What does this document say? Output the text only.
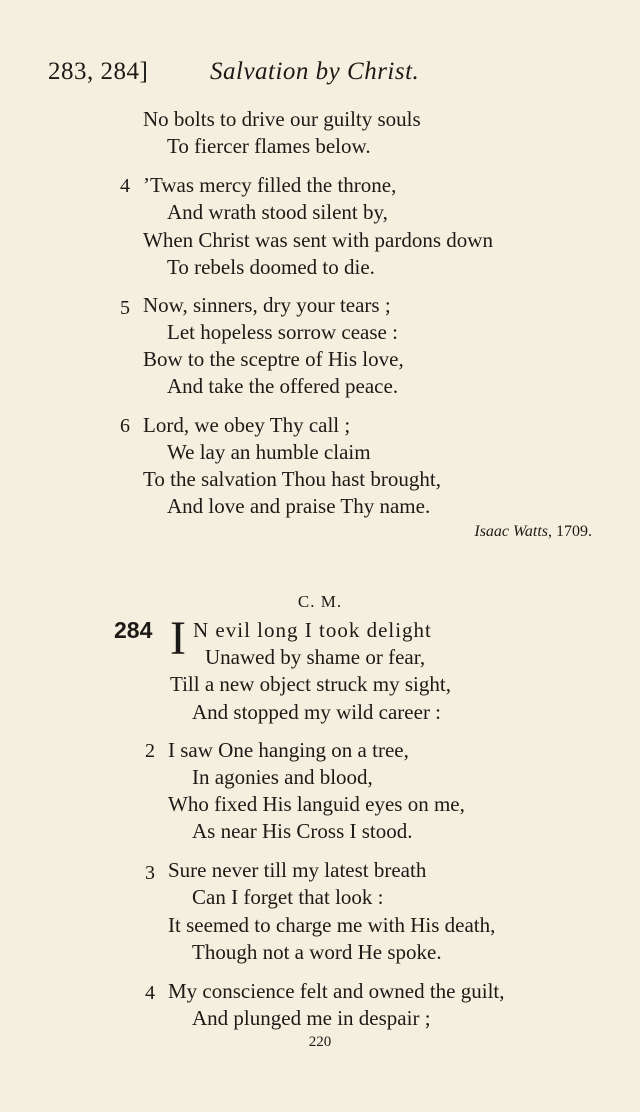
283, 284] Salvation by Christ.
No bolts to drive our guilty souls
To fiercer flames below.
4 ’Twas mercy filled the throne,
And wrath stood silent by,
When Christ was sent with pardons down
To rebels doomed to die.
5 Now, sinners, dry your tears ;
Let hopeless sorrow cease :
Bow to the sceptre of His love,
And take the offered peace.
6 Lord, we obey Thy call ;
We lay an humble claim
To the salvation Thou hast brought,
And love and praise Thy name.
Isaac Watts, 1709.
C. M.
284 I N evil long I took delight
Unawed by shame or fear,
Till a new object struck my sight,
And stopped my wild career :
2 I saw One hanging on a tree,
In agonies and blood,
Who fixed His languid eyes on me,
As near His Cross I stood.
3 Sure never till my latest breath
Can I forget that look :
It seemed to charge me with His death,
Though not a word He spoke.
4 My conscience felt and owned the guilt,
And plunged me in despair ;
220
